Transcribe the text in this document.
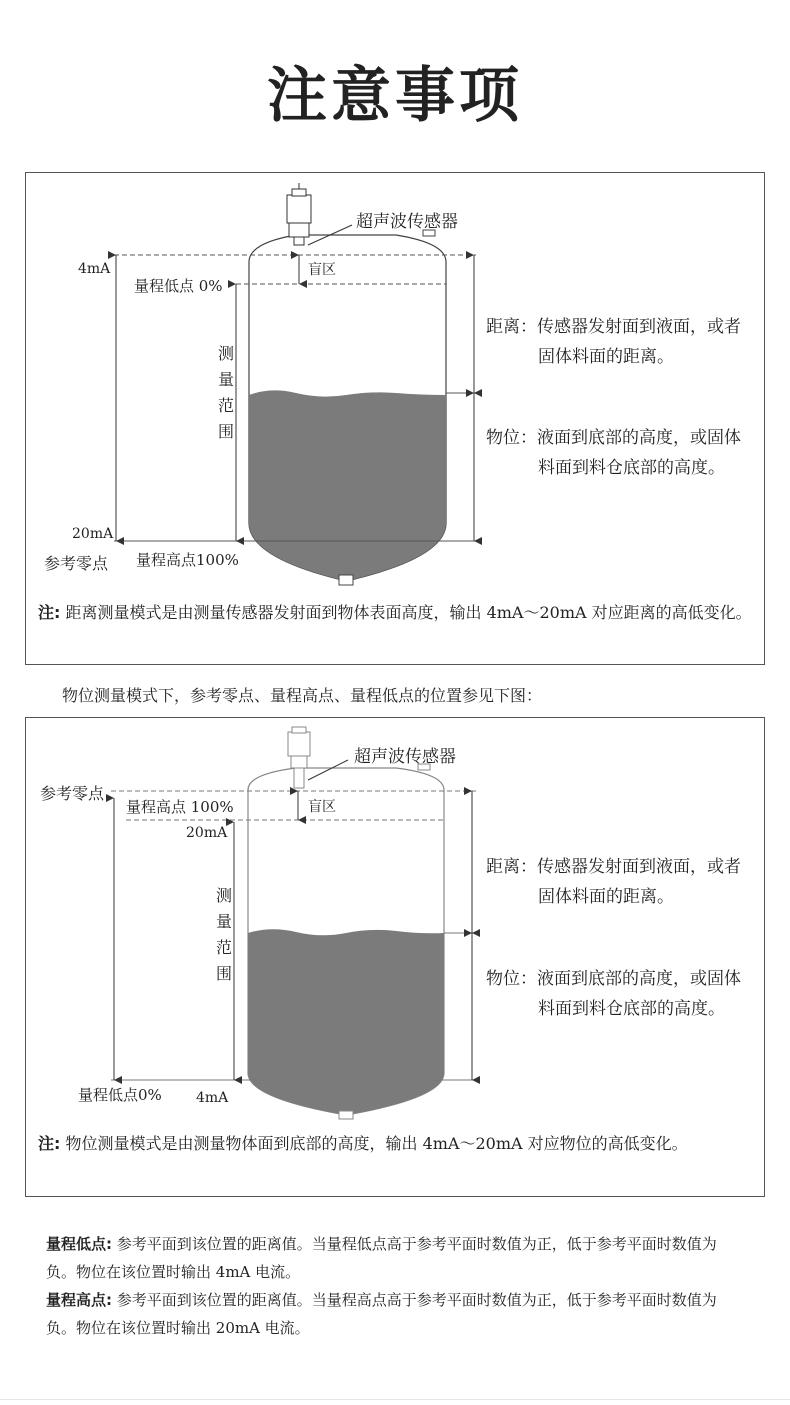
注意事项
超声波传感器
盲区
4mA
量程低点 0%
测
量
范
围
20mA
参考零点 量程高点100%
距离：传感器发射面到液面，或者
固体料面的距离。
物位：液面到底部的高度，或固体
料面到料仓底部的高度。
注: 距离测量模式是由测量传感器发射面到物体表面高度，输出 4mA～20mA 对应距离的高低变化。
物位测量模式下，参考零点、量程高点、量程低点的位置参见下图：
超声波传感器
盲区
参考零点
量程高点 100%
20mA
测
量
范
围
量程低点0% 4mA
距离：传感器发射面到液面，或者
固体料面的距离。
物位：液面到底部的高度，或固体
料面到料仓底部的高度。
注: 物位测量模式是由测量物体面到底部的高度，输出 4mA～20mA 对应物位的高低变化。
量程低点: 参考平面到该位置的距离值。当量程低点高于参考平面时数值为正，低于参考平面时数值为负。物位在该位置时输出 4mA 电流。
量程高点: 参考平面到该位置的距离值。当量程高点高于参考平面时数值为正，低于参考平面时数值为负。物位在该位置时输出 20mA 电流。
